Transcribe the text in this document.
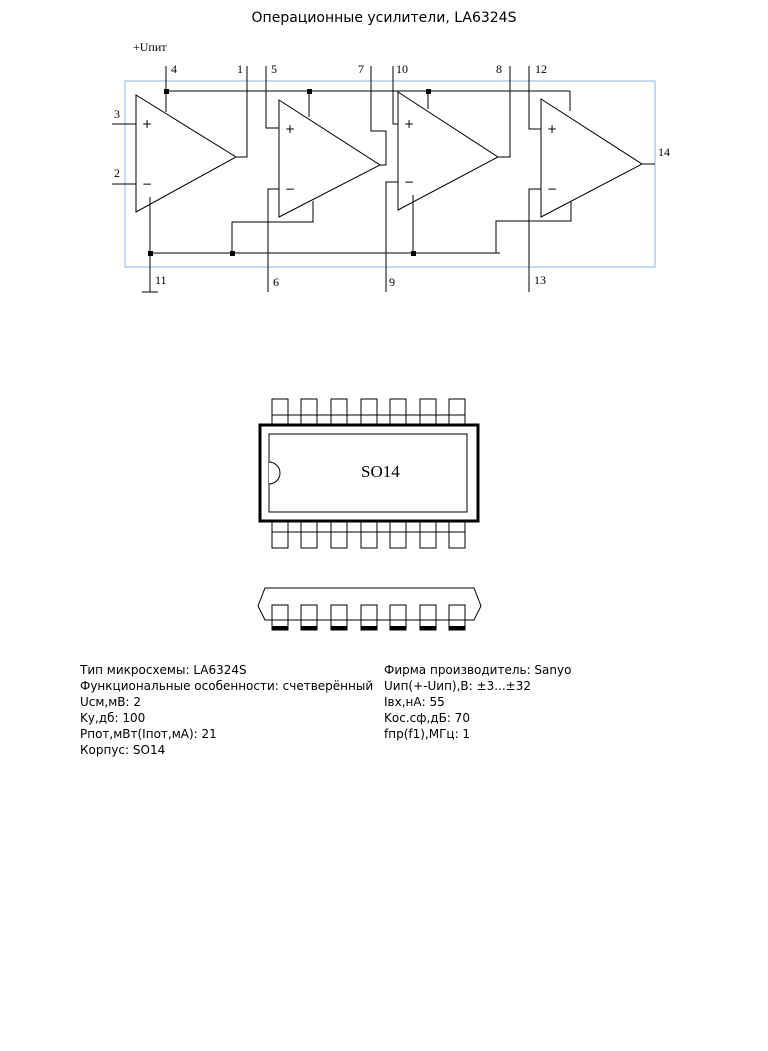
Операционные усилители, LA6324S
+
−
+
−
+
−
+
−
+Uпит
4	1 5	7	10	8	12
3
2
14
11	6	9	13
SO14
Тип микросхемы: LA6324S
Функциональные особенности: счетверённый
Uсм,мВ: 2
Kу,дб: 100
Pпот,мВт(Iпот,мА): 21
Корпус: SO14
Фирма производитель: Sanyo
Uип(+-Uип),В: ±3...±32
Iвх,нА: 55
Kос.сф,дБ: 70
fпр(f1),МГц: 1
